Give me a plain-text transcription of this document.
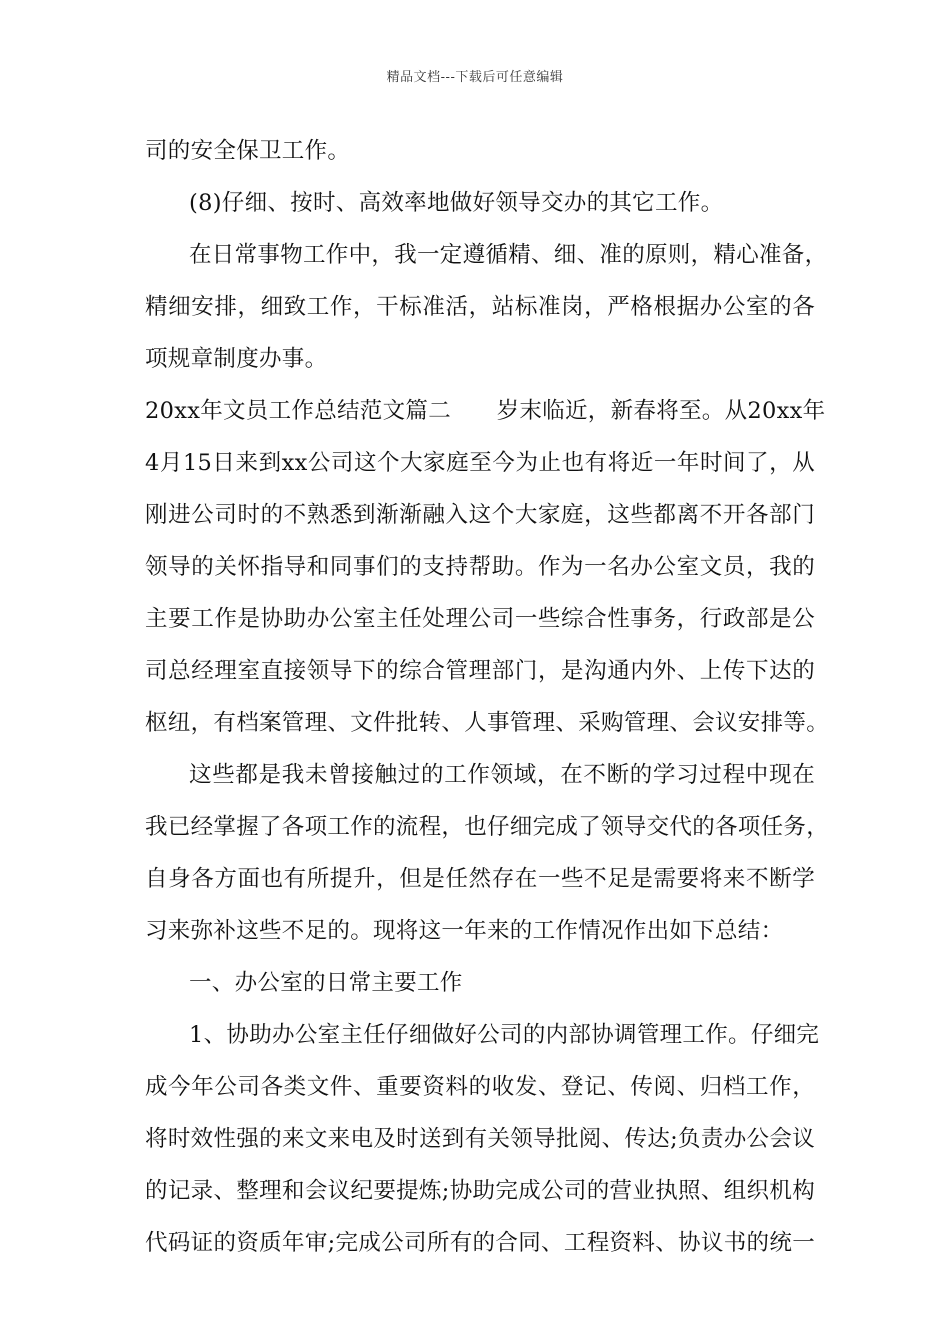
精品文档---下载后可任意编辑
司的安全保卫工作。
(8)仔细、按时、高效率地做好领导交办的其它工作。
在日常事物工作中，我一定遵循精、细、准的原则，精心准备，
精细安排，细致工作，干标准活，站标准岗，严格根据办公室的各
项规章制度办事。
20xx年文员工作总结范文篇二　　岁末临近，新春将至。从20xx年
4月15日来到xx公司这个大家庭至今为止也有将近一年时间了，从
刚进公司时的不熟悉到渐渐融入这个大家庭，这些都离不开各部门
领导的关怀指导和同事们的支持帮助。作为一名办公室文员，我的
主要工作是协助办公室主任处理公司一些综合性事务，行政部是公
司总经理室直接领导下的综合管理部门，是沟通内外、上传下达的
枢纽，有档案管理、文件批转、人事管理、采购管理、会议安排等。
这些都是我未曾接触过的工作领域，在不断的学习过程中现在
我已经掌握了各项工作的流程，也仔细完成了领导交代的各项任务，
自身各方面也有所提升，但是任然存在一些不足是需要将来不断学
习来弥补这些不足的。现将这一年来的工作情况作出如下总结：
一、办公室的日常主要工作
1、协助办公室主任仔细做好公司的内部协调管理工作。仔细完
成今年公司各类文件、重要资料的收发、登记、传阅、归档工作，
将时效性强的来文来电及时送到有关领导批阅、传达;负责办公会议
的记录、整理和会议纪要提炼;协助完成公司的营业执照、组织机构
代码证的资质年审;完成公司所有的合同、工程资料、协议书的统一
